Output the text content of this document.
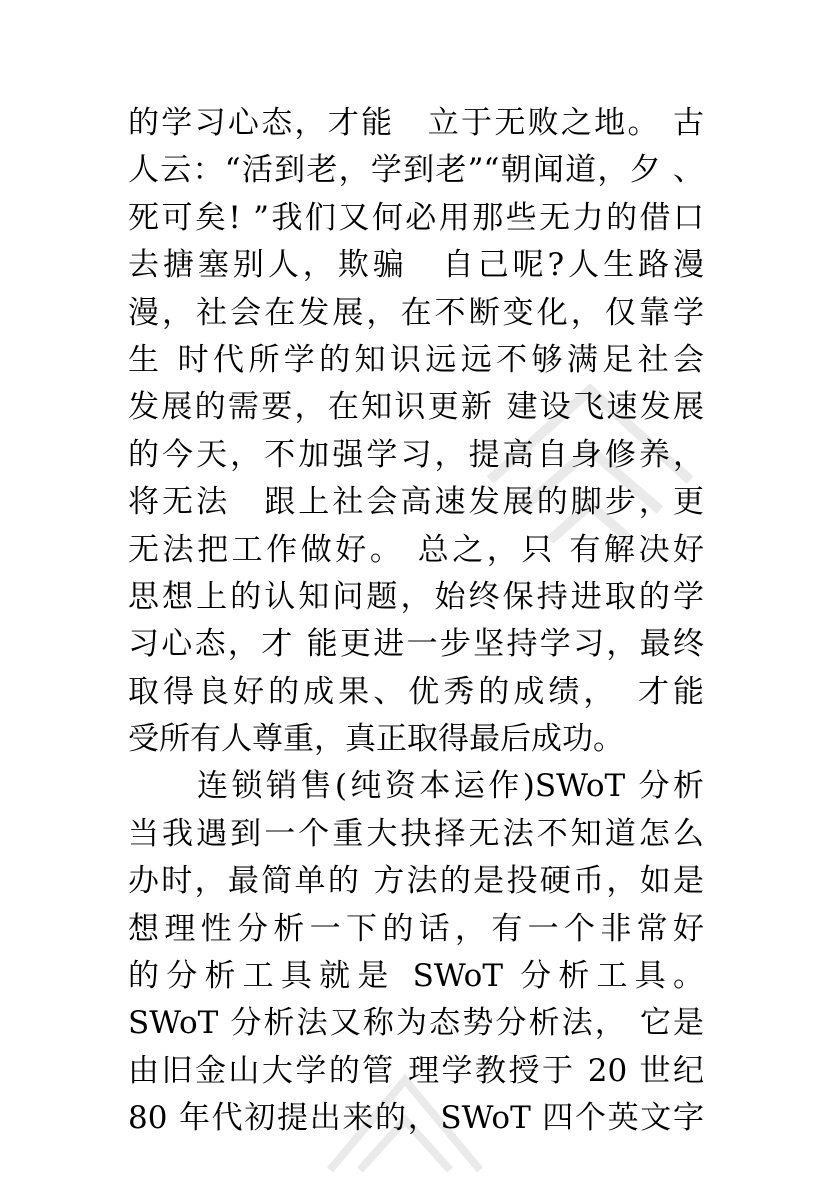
的学习心态，才能　立于无败之地。 古
人云：“活到老，学到老”“朝闻道，夕 、
死可矣! ”我们又何必用那些无力的借口
去搪塞别人，欺骗　自己呢?人生路漫
漫，社会在发展，在不断变化，仅靠学
生 时代所学的知识远远不够满足社会
发展的需要，在知识更新 建设飞速发展
的今天，不加强学习，提高自身修养，
将无法　跟上社会高速发展的脚步，更
无法把工作做好。 总之，只 有解决好
思想上的认知问题，始终保持进取的学
习心态，才 能更进一步坚持学习，最终
取得良好的成果、优秀的成绩，　才能
受所有人尊重，真正取得最后成功。
　　连锁销售(纯资本运作)SWoT 分析
当我遇到一个重大抉择无法不知道怎么
办时，最简单的 方法的是投硬币，如是
想理性分析一下的话，有一个非常好
的分析工具就是 SWoT 分析工具。
SWoT 分析法又称为态势分析法， 它是
由旧金山大学的管 理学教授于 20 世纪
80 年代初提出来的，SWoT 四个英文字
